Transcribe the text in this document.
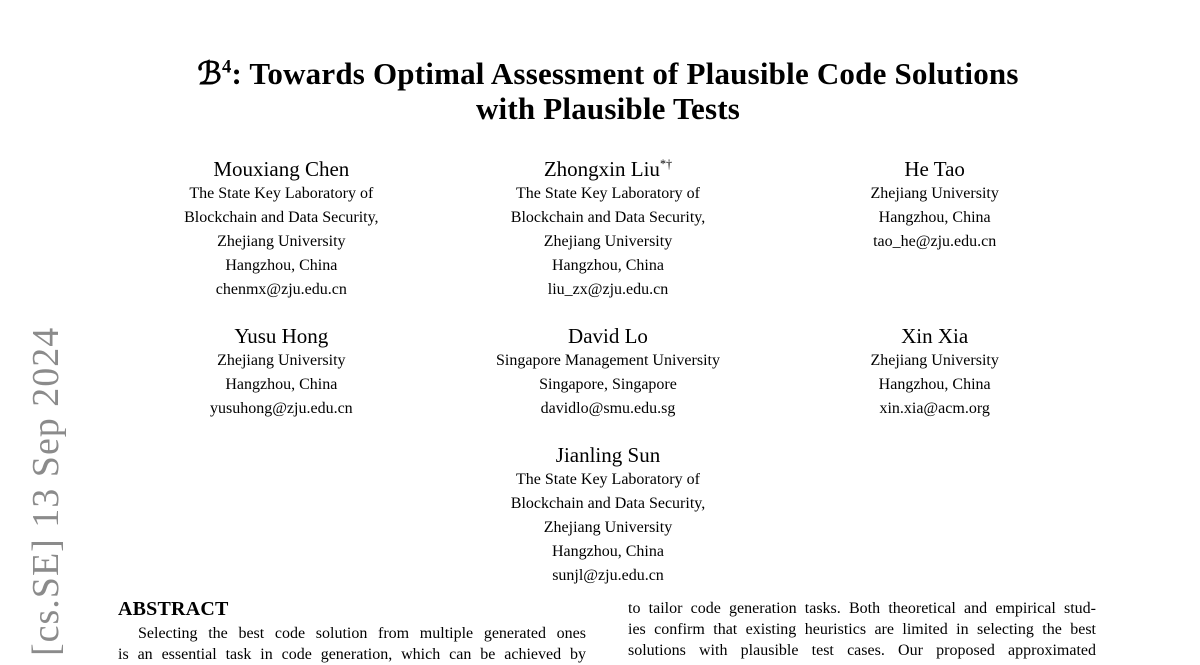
[cs.SE] 13 Sep 2024
ℬ$^4$: Towards Optimal Assessment of Plausible Code Solutions
with Plausible Tests
Mouxiang Chen
The State Key Laboratory of
Blockchain and Data Security,
Zhejiang University
Hangzhou, China
chenmx@zju.edu.cn
Zhongxin Liu*†
The State Key Laboratory of
Blockchain and Data Security,
Zhejiang University
Hangzhou, China
liu_zx@zju.edu.cn
He Tao
Zhejiang University
Hangzhou, China
tao_he@zju.edu.cn
Yusu Hong
Zhejiang University
Hangzhou, China
yusuhong@zju.edu.cn
David Lo
Singapore Management University
Singapore, Singapore
davidlo@smu.edu.sg
Xin Xia
Zhejiang University
Hangzhou, China
xin.xia@acm.org
Jianling Sun
The State Key Laboratory of
Blockchain and Data Security,
Zhejiang University
Hangzhou, China
sunjl@zju.edu.cn
ABSTRACT
Selecting the best code solution from multiple generated ones
is an essential task in code generation, which can be achieved by
to tailor code generation tasks. Both theoretical and empirical stud-
ies confirm that existing heuristics are limited in selecting the best
solutions with plausible test cases. Our proposed approximated
